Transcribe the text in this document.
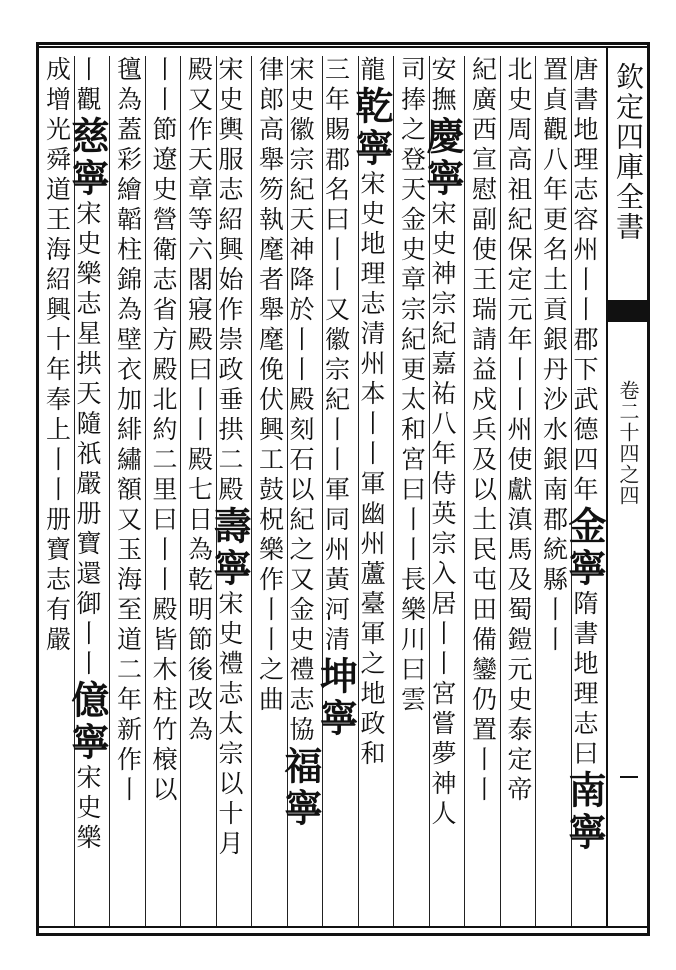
欽定四庫全書
卷二十四之四
唐書地理志容州丨丨郡下武德四年金寧隋書地理志曰南寧
置貞觀八年更名土貢銀丹沙水銀南郡統縣丨丨
北史周高祖紀保定元年丨丨州使獻滇馬及蜀鎧元史泰定帝
紀廣西宣慰副使王瑞請益戍兵及以土民屯田備鑾仍置丨丨
安撫慶寧宋史神宗紀嘉祐八年侍英宗入居丨丨宮嘗夢神人
司捧之登天金史章宗紀更太和宮曰丨丨長樂川曰雲
龍乾寧宋史地理志清州本丨丨軍幽州蘆臺軍之地政和
三年賜郡名曰丨丨又徽宗紀丨丨軍同州黃河清坤寧
宋史徽宗紀天神降於丨丨殿刻石以紀之又金史禮志協福寧
律郎高舉笏執麾者舉麾俛伏興工鼓柷樂作丨丨之曲
宋史輿服志紹興始作崇政垂拱二殿壽寧宋史禮志太宗以十月
殿又作天章等六閣寢殿曰丨丨殿七日為乾明節後改為
丨丨節遼史營衛志省方殿北約二里曰丨丨殿皆木柱竹榱以
氊為蓋彩繪韜柱錦為壁衣加緋繡額又玉海至道二年新作丨
丨觀慈寧宋史樂志星拱天隨祇嚴册寶還御丨丨億寧宋史樂
成增光舜道王海紹興十年奉上丨丨册寶志有嚴
